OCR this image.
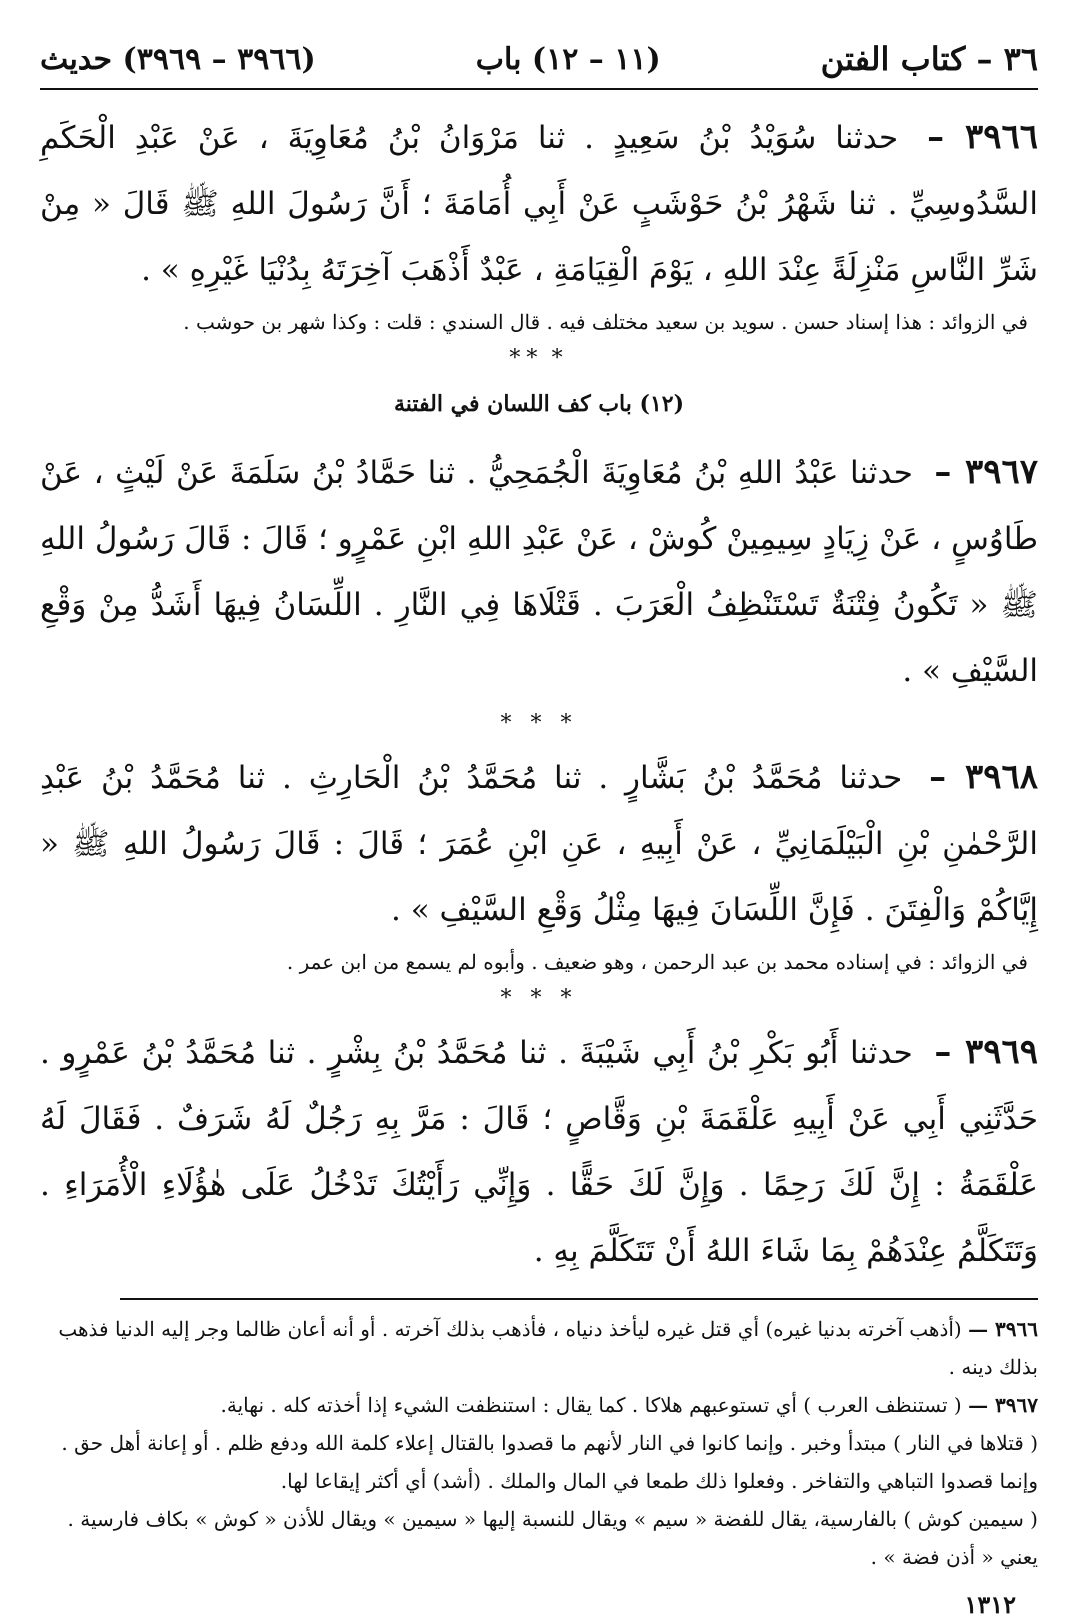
٣٦ – كتاب الفتن
(١١ – ١٢) باب
(٣٩٦٦ – ٣٩٦٩) حديث
٣٩٦٦ – حدثنا سُوَيْدُ بْنُ سَعِيدٍ . ثنا مَرْوَانُ بْنُ مُعَاوِيَةَ ، عَنْ عَبْدِ الْحَكَمِ السَّدُوسِيِّ . ثنا شَهْرُ بْنُ حَوْشَبٍ عَنْ أَبِي أُمَامَةَ ؛ أَنَّ رَسُولَ اللهِ ﷺ قَالَ « مِنْ شَرِّ النَّاسِ مَنْزِلَةً عِنْدَ اللهِ ، يَوْمَ الْقِيَامَةِ ، عَبْدٌ أَذْهَبَ آخِرَتَهُ بِدُنْيَا غَيْرِهِ » .
في الزوائد : هذا إسناد حسن . سويد بن سعيد مختلف فيه . قال السندي : قلت : وكذا شهر بن حوشب .
* **
(١٢) باب كف اللسان في الفتنة
٣٩٦٧ – حدثنا عَبْدُ اللهِ بْنُ مُعَاوِيَةَ الْجُمَحِيُّ . ثنا حَمَّادُ بْنُ سَلَمَةَ عَنْ لَيْثٍ ، عَنْ طَاوُسٍ ، عَنْ زِيَادٍ سِيمِينْ كُوشْ ، عَنْ عَبْدِ اللهِ ابْنِ عَمْرٍو ؛ قَالَ : قَالَ رَسُولُ اللهِ ﷺ « تَكُونُ فِتْنَةٌ تَسْتَنْظِفُ الْعَرَبَ . قَتْلَاهَا فِي النَّارِ . اللِّسَانُ فِيهَا أَشَدُّ مِنْ وَقْعِ السَّيْفِ » .
* * *
٣٩٦٨ – حدثنا مُحَمَّدُ بْنُ بَشَّارٍ . ثنا مُحَمَّدُ بْنُ الْحَارِثِ . ثنا مُحَمَّدُ بْنُ عَبْدِ الرَّحْمٰنِ بْنِ الْبَيْلَمَانِيِّ ، عَنْ أَبِيهِ ، عَنِ ابْنِ عُمَرَ ؛ قَالَ : قَالَ رَسُولُ اللهِ ﷺ « إِيَّاكُمْ وَالْفِتَنَ . فَإِنَّ اللِّسَانَ فِيهَا مِثْلُ وَقْعِ السَّيْفِ » .
في الزوائد : في إسناده محمد بن عبد الرحمن ، وهو ضعيف . وأبوه لم يسمع من ابن عمر .
* * *
٣٩٦٩ – حدثنا أَبُو بَكْرِ بْنُ أَبِي شَيْبَةَ . ثنا مُحَمَّدُ بْنُ بِشْرٍ . ثنا مُحَمَّدُ بْنُ عَمْرٍو . حَدَّثَنِي أَبِي عَنْ أَبِيهِ عَلْقَمَةَ بْنِ وَقَّاصٍ ؛ قَالَ : مَرَّ بِهِ رَجُلٌ لَهُ شَرَفٌ . فَقَالَ لَهُ عَلْقَمَةُ : إِنَّ لَكَ رَحِمًا . وَإِنَّ لَكَ حَقًّا . وَإِنِّي رَأَيْتُكَ تَدْخُلُ عَلَى هٰؤُلَاءِ الْأُمَرَاءِ . وَتَتَكَلَّمُ عِنْدَهُمْ بِمَا شَاءَ اللهُ أَنْ تَتَكَلَّمَ بِهِ .

٣٩٦٦ — (أذهب آخرته بدنيا غيره) أي قتل غيره ليأخذ دنياه ، فأذهب بذلك آخرته . أو أنه أعان ظالما وجر إليه الدنيا فذهب بذلك دينه .

٣٩٦٧ — ( تستنظف العرب ) أي تستوعبهم هلاكا . كما يقال : استنظفت الشيء إذا أخذته كله . نهاية.

( قتلاها في النار ) مبتدأ وخبر . وإنما كانوا في النار لأنهم ما قصدوا بالقتال إعلاء كلمة الله ودفع ظلم . أو إعانة أهل حق . وإنما قصدوا التباهي والتفاخر . وفعلوا ذلك طمعا في المال والملك . (أشد) أي أكثر إيقاعا لها.

( سيمين كوش ) بالفارسية، يقال للفضة « سيم » ويقال للنسبة إليها « سيمين » ويقال للأذن « كوش » بكاف فارسية . يعني « أذن فضة » .

١٣١٢
